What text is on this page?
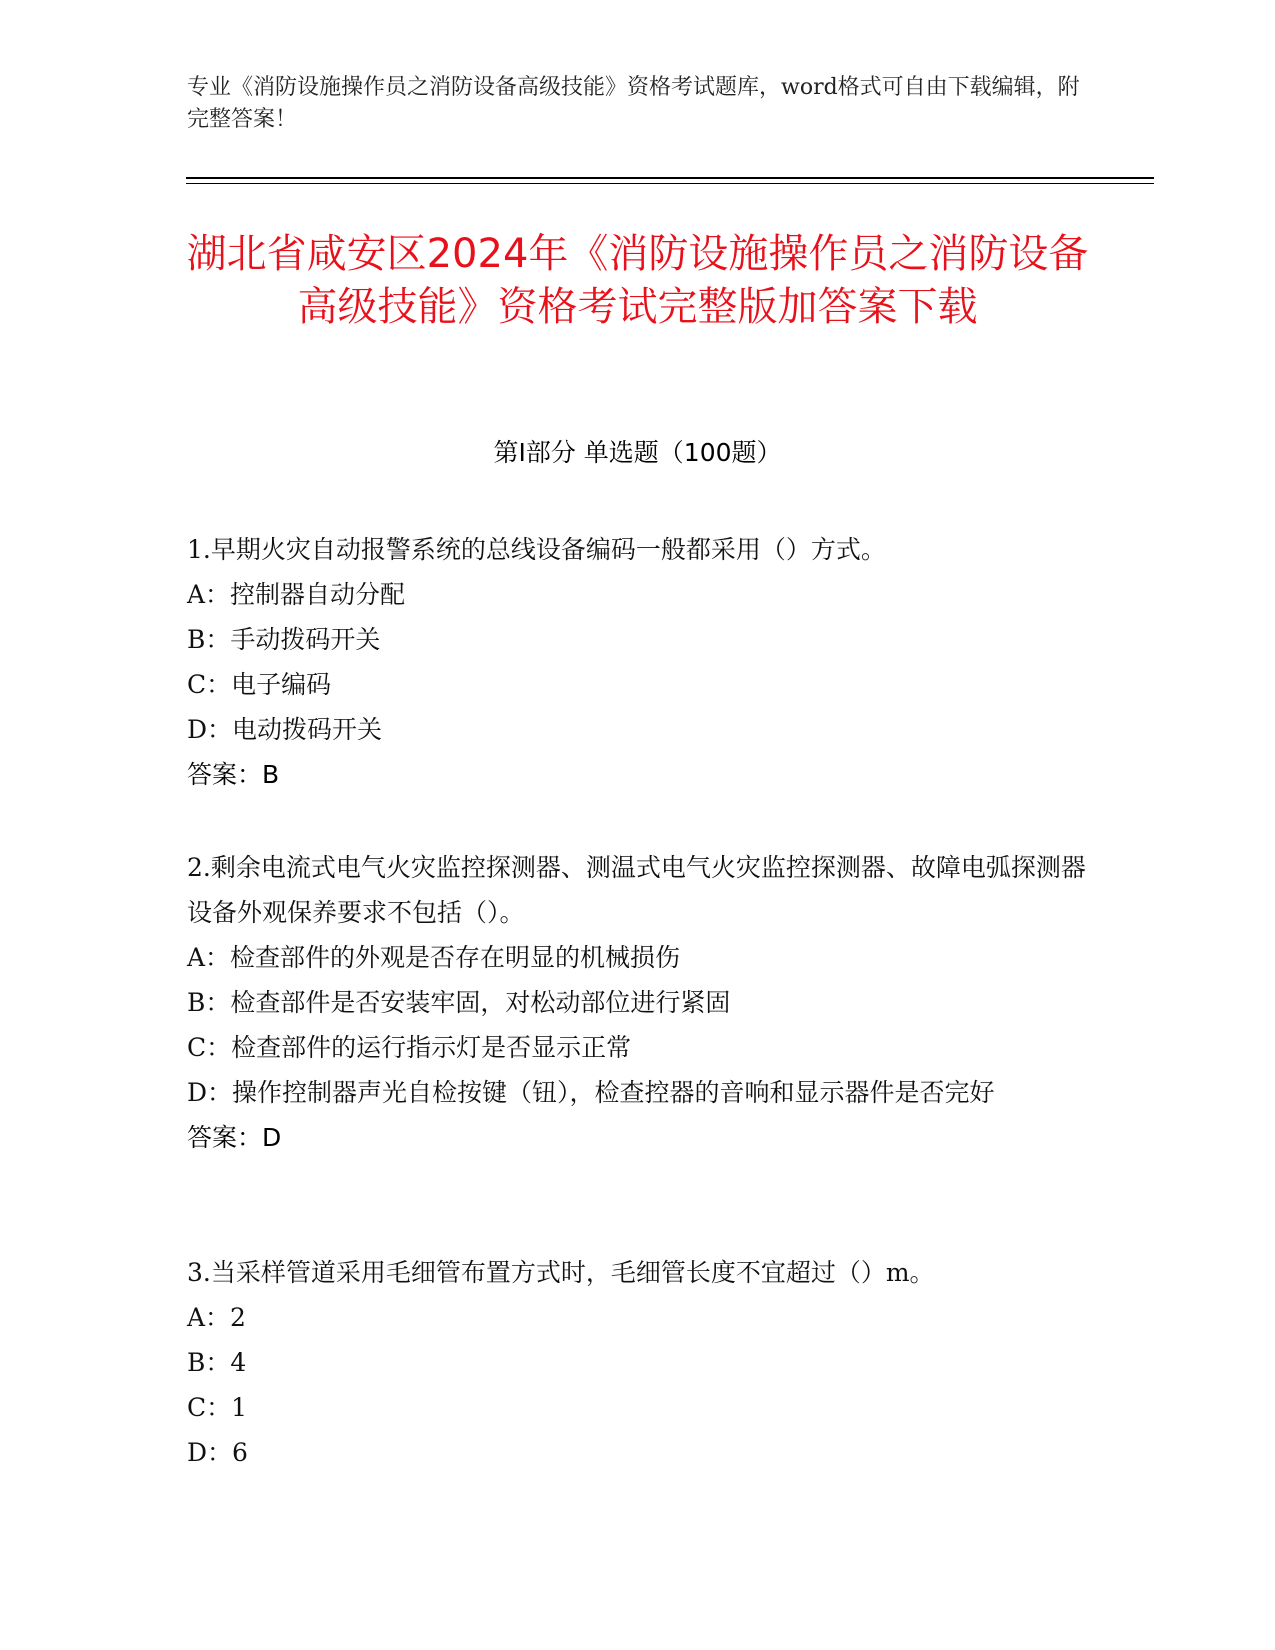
专业《消防设施操作员之消防设备高级技能》资格考试题库，word格式可自由下载编辑，附完整答案！
湖北省咸安区2024年《消防设施操作员之消防设备高级技能》资格考试完整版加答案下载
第I部分 单选题（100题）
1.早期火灾自动报警系统的总线设备编码一般都采用（）方式。
A：控制器自动分配
B：手动拨码开关
C：电子编码
D：电动拨码开关
答案：B
2.剩余电流式电气火灾监控探测器、测温式电气火灾监控探测器、故障电弧探测器设备外观保养要求不包括（）。
A：检查部件的外观是否存在明显的机械损伤
B：检查部件是否安装牢固，对松动部位进行紧固
C：检查部件的运行指示灯是否显示正常
D：操作控制器声光自检按键（钮），检查控器的音响和显示器件是否完好
答案：D
3.当采样管道采用毛细管布置方式时，毛细管长度不宜超过（）m。
A：2
B：4
C：1
D：6
